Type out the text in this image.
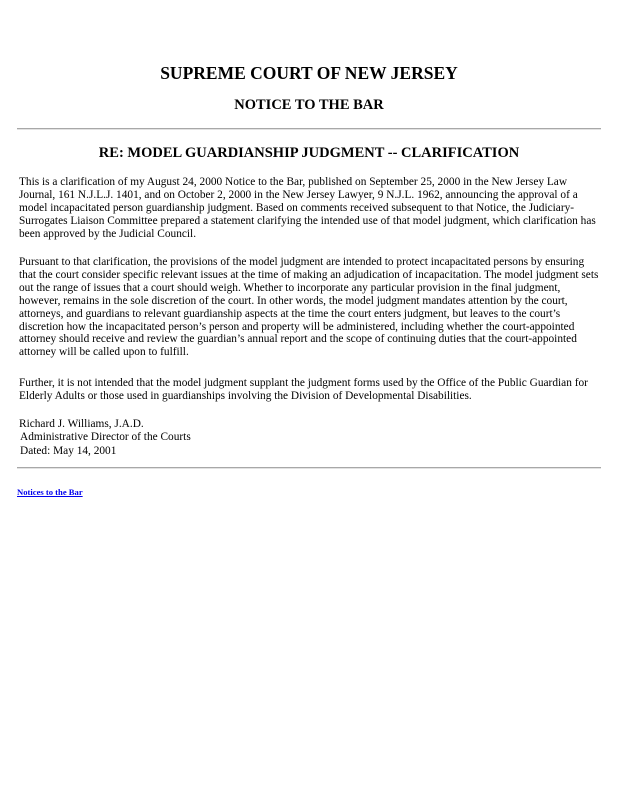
SUPREME COURT OF NEW JERSEY
NOTICE TO THE BAR
RE: MODEL GUARDIANSHIP JUDGMENT -- CLARIFICATION

This is a clarification of my August 24, 2000 Notice to the Bar, published on September 25, 2000 in the New Jersey Law Journal, 161 N.J.L.J. 1401, and on October 2, 2000 in the New Jersey Lawyer, 9 N.J.L. 1962, announcing the approval of a model incapacitated person guardianship judgment. Based on comments received subsequent to that Notice, the Judiciary-Surrogates Liaison Committee prepared a statement clarifying the intended use of that model judgment, which clarification has been approved by the Judicial Council.

Pursuant to that clarification, the provisions of the model judgment are intended to protect incapacitated persons by ensuring that the court consider specific relevant issues at the time of making an adjudication of incapacitation. The model judgment sets out the range of issues that a court should weigh. Whether to incorporate any particular provision in the final judgment, however, remains in the sole discretion of the court. In other words, the model judgment mandates attention by the court, attorneys, and guardians to relevant guardianship aspects at the time the court enters judgment, but leaves to the court’s discretion how the incapacitated person’s person and property will be administered, including whether the court-appointed attorney should receive and review the guardian’s annual report and the scope of continuing duties that the court-appointed attorney will be called upon to fulfill.

Further, it is not intended that the model judgment supplant the judgment forms used by the Office of the Public Guardian for Elderly Adults or those used in guardianships involving the Division of Developmental Disabilities.

Richard J. Williams, J.A.D.
Administrative Director of the Courts
Dated: May 14, 2001
Notices to the Bar
